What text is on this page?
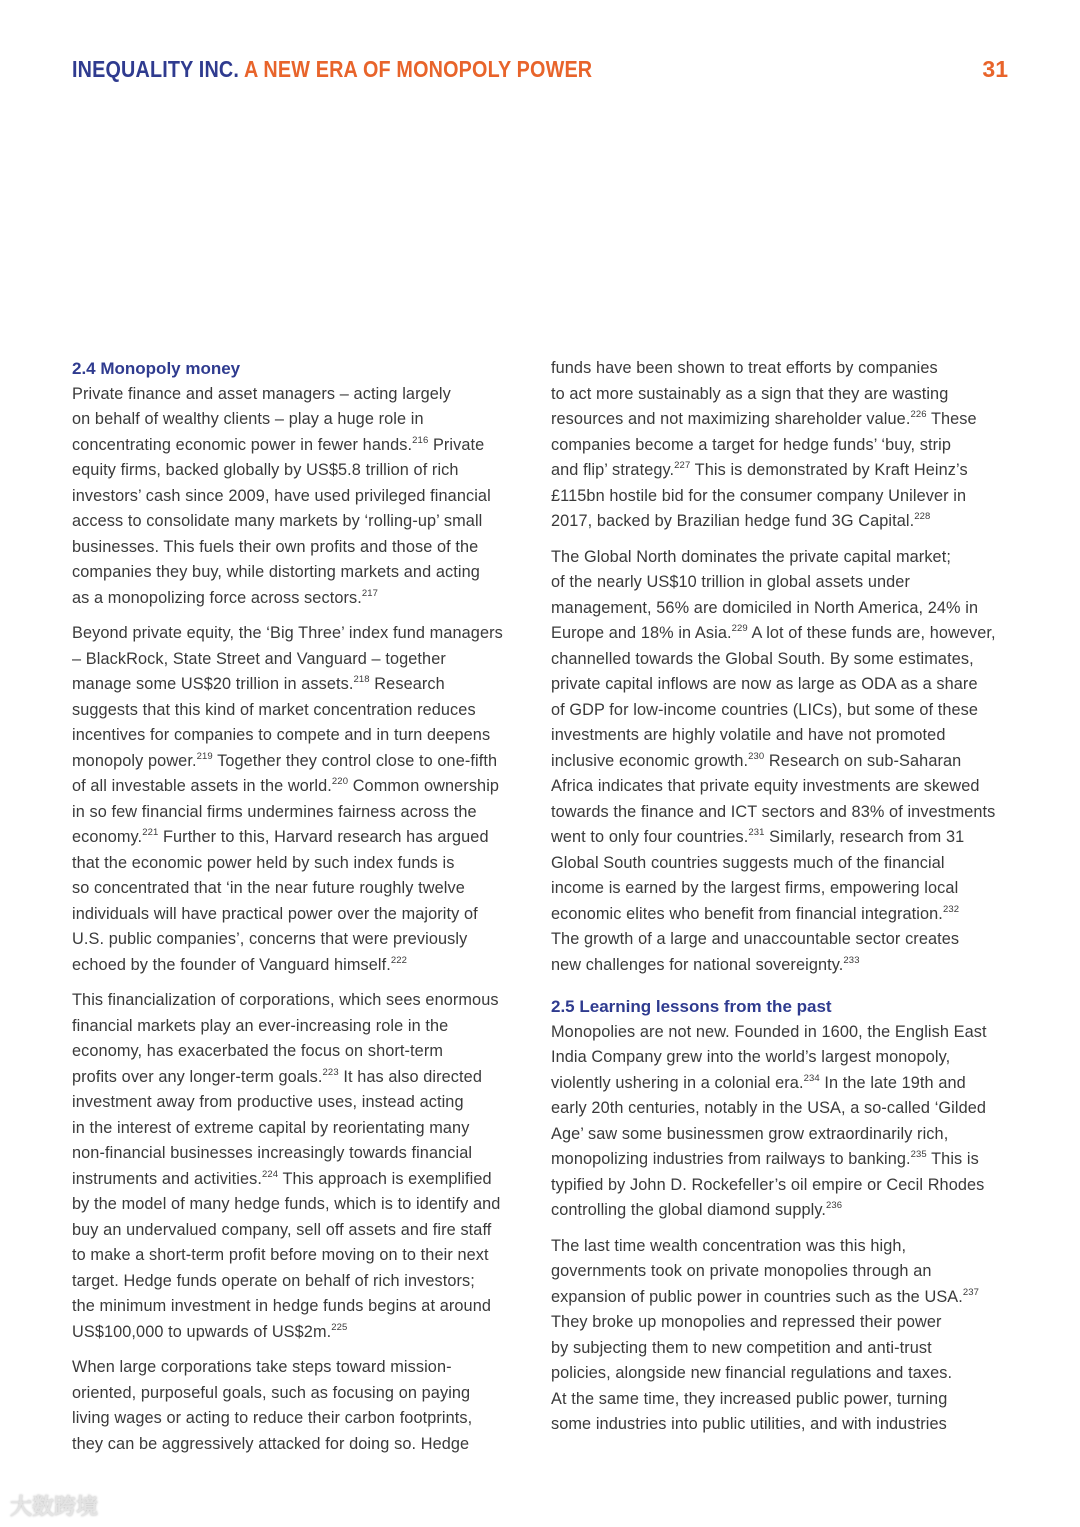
INEQUALITY INC. A NEW ERA OF MONOPOLY POWER	31
2.4 Monopoly money
Private finance and asset managers – acting largely
on behalf of wealthy clients – play a huge role in
concentrating economic power in fewer hands.$^{216}$ Private
equity firms, backed globally by US$5.8 trillion of rich
investors’ cash since 2009, have used privileged financial
access to consolidate many markets by ‘rolling-up’ small
businesses. This fuels their own profits and those of the
companies they buy, while distorting markets and acting
as a monopolizing force across sectors.$^{217}$
Beyond private equity, the ‘Big Three’ index fund managers
– BlackRock, State Street and Vanguard – together
manage some US$20 trillion in assets.$^{218}$ Research
suggests that this kind of market concentration reduces
incentives for companies to compete and in turn deepens
monopoly power.$^{219}$ Together they control close to one-fifth
of all investable assets in the world.$^{220}$ Common ownership
in so few financial firms undermines fairness across the
economy.$^{221}$ Further to this, Harvard research has argued
that the economic power held by such index funds is
so concentrated that ‘in the near future roughly twelve
individuals will have practical power over the majority of
U.S. public companies’, concerns that were previously
echoed by the founder of Vanguard himself.$^{222}$
This financialization of corporations, which sees enormous
financial markets play an ever-increasing role in the
economy, has exacerbated the focus on short-term
profits over any longer-term goals.$^{223}$ It has also directed
investment away from productive uses, instead acting
in the interest of extreme capital by reorientating many
non-financial businesses increasingly towards financial
instruments and activities.$^{224}$ This approach is exemplified
by the model of many hedge funds, which is to identify and
buy an undervalued company, sell off assets and fire staff
to make a short-term profit before moving on to their next
target. Hedge funds operate on behalf of rich investors;
the minimum investment in hedge funds begins at around
US$100,000 to upwards of US$2m.$^{225}$
When large corporations take steps toward mission-
oriented, purposeful goals, such as focusing on paying
living wages or acting to reduce their carbon footprints,
they can be aggressively attacked for doing so. Hedge
funds have been shown to treat efforts by companies
to act more sustainably as a sign that they are wasting
resources and not maximizing shareholder value.$^{226}$ These
companies become a target for hedge funds’ ‘buy, strip
and flip’ strategy.$^{227}$ This is demonstrated by Kraft Heinz’s
£115bn hostile bid for the consumer company Unilever in
2017, backed by Brazilian hedge fund 3G Capital.$^{228}$
The Global North dominates the private capital market;
of the nearly US$10 trillion in global assets under
management, 56% are domiciled in North America, 24% in
Europe and 18% in Asia.$^{229}$ A lot of these funds are, however,
channelled towards the Global South. By some estimates,
private capital inflows are now as large as ODA as a share
of GDP for low-income countries (LICs), but some of these
investments are highly volatile and have not promoted
inclusive economic growth.$^{230}$ Research on sub-Saharan
Africa indicates that private equity investments are skewed
towards the finance and ICT sectors and 83% of investments
went to only four countries.$^{231}$ Similarly, research from 31
Global South countries suggests much of the financial
income is earned by the largest firms, empowering local
economic elites who benefit from financial integration.$^{232}$
The growth of a large and unaccountable sector creates
new challenges for national sovereignty.$^{233}$
2.5 Learning lessons from the past
Monopolies are not new. Founded in 1600, the English East
India Company grew into the world’s largest monopoly,
violently ushering in a colonial era.$^{234}$ In the late 19th and
early 20th centuries, notably in the USA, a so-called ‘Gilded
Age’ saw some businessmen grow extraordinarily rich,
monopolizing industries from railways to banking.$^{235}$ This is
typified by John D. Rockefeller’s oil empire or Cecil Rhodes
controlling the global diamond supply.$^{236}$
The last time wealth concentration was this high,
governments took on private monopolies through an
expansion of public power in countries such as the USA.$^{237}$
They broke up monopolies and repressed their power
by subjecting them to new competition and anti-trust
policies, alongside new financial regulations and taxes.
At the same time, they increased public power, turning
some industries into public utilities, and with industries
大数跨境
